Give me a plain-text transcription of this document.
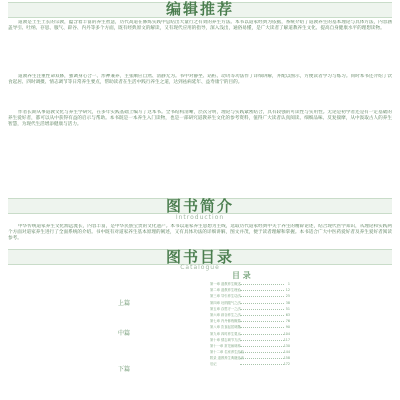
编辑推荐

道教是土生土长的宗教，蕴含着丰富的养生智慧，历代高道在修炼实践中总结出大量行之有效的养生方法。本书以道家经典为依据，系统介绍了道教养生的基本理论与具体方法，内容涵盖导引、吐纳、存思、服气、辟谷、内丹等多个方面，既有经典原文的解读，又有现代应用的指导，深入浅出，通俗易懂，是广大读者了解道教养生文化、提高自身健康水平的理想读物。

道教养生注重性命双修，强调身心合一、形神兼养，主张顺应自然、清静无为。书中对静坐、站桩、动功等功法作了详细讲解，并配以图示，方便读者学习与练习。同时本书还介绍了饮食起居、四时调摄、情志调节等日常养生要点，帮助读者在生活中践行养生之道，达到祛病延年、益寿康宁的目的。

作者长期从事道教文化与养生学研究，在多年实践基础上编写了这本书。全书结构清晰，层次分明，理论与实践紧密结合，具有较强的可读性与实用性。无论是初学者还是有一定基础的养生爱好者，都可以从中获得有益的启示与帮助。本书既是一本养生入门读物，也是一部研究道教养生文化的参考资料，值得广大读者认真阅读、细细品味、反复揣摩，从中汲取古人的养生智慧，为现代生活增添健康与活力。

图书简介
Introduction

中华传统道家养生文化源远流长，内容丰富，是中华民族宝贵的文化遗产。本书以道家养生思想为主线，选取历代道家经典中关于养生的精辟论述，结合现代医学知识，从理论和实践两个方面对道家养生进行了全面系统的介绍。书中既有对道家养生基本原理的阐述，又有具体功法的详细讲解，图文并茂，便于读者理解和掌握。本书适合广大中医药爱好者及养生爱好者阅读参考。

图书目录
Catalogue
目 录
上篇
中篇
下篇
第一章 道教养生概述	1
第二章 道教养生理论	12
第三章 导引养生功法	25
第四章 吐纳服气之法	38
第五章 存思守一之法	51
第六章 辟谷养生之法	63
第七章 内丹修炼概要	76
第八章 饮食起居调摄	90
第九章 四时养生要点	104
第十章 情志调节方法	117
第十一章 常见病调养	130
第十二章 名家养生经验	144
附录 道教养生典籍选读	158
后记	172
